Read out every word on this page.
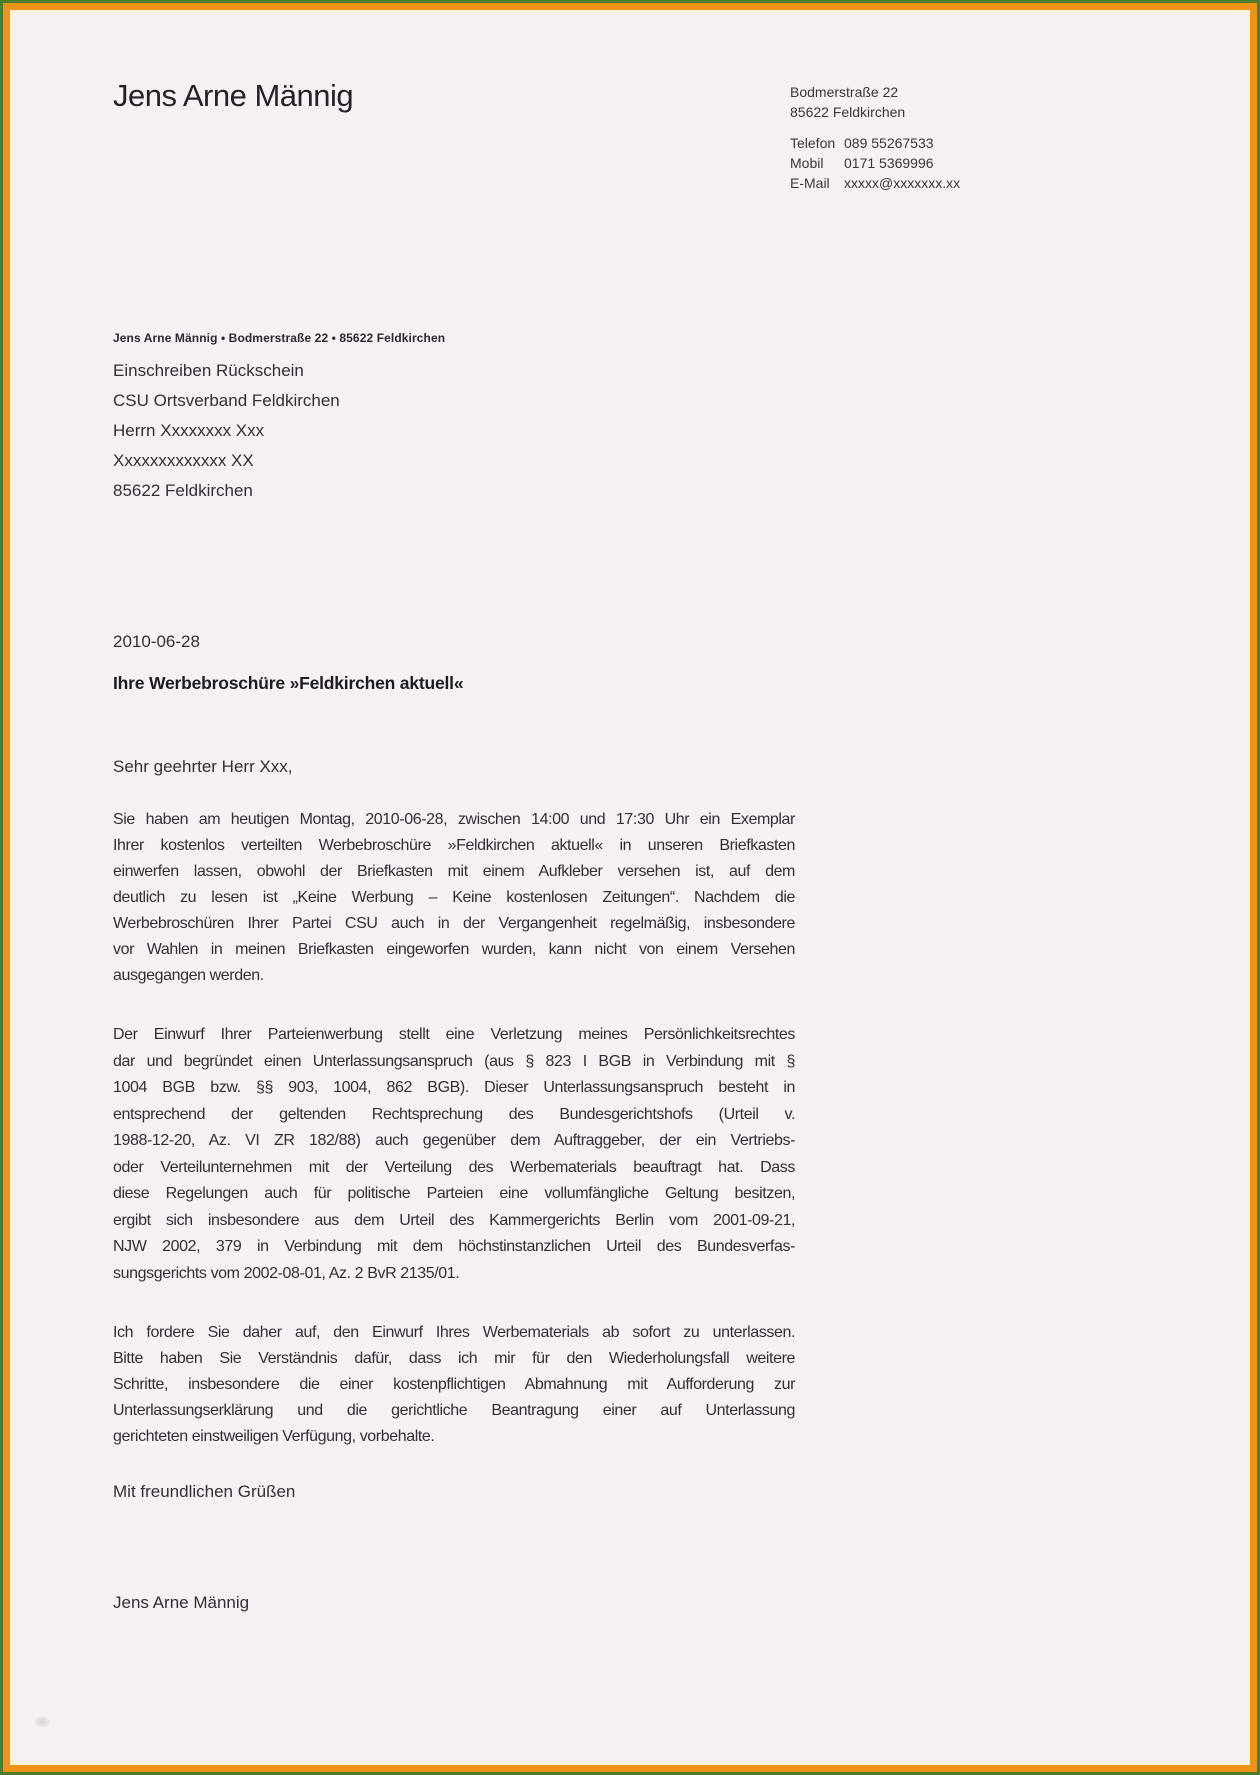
Jens Arne Männig	Bodmerstraße 22
85622 Feldkirchen
Telefon 089 55267533
Mobil	0171 5369996
E-Mail	xxxxx@xxxxxxx.xx
Jens Arne Männig • Bodmerstraße 22 • 85622 Feldkirchen
Einschreiben Rückschein
CSU Ortsverband Feldkirchen
Herrn Xxxxxxxx Xxx
Xxxxxxxxxxxxx XX
85622 Feldkirchen
2010-06-28
Ihre Werbebroschüre »Feldkirchen aktuell«
Sehr geehrter Herr Xxx,
Sie haben am heutigen Montag, 2010-06-28, zwischen 14:00 und 17:30 Uhr ein Exemplar
Ihrer kostenlos verteilten Werbebroschüre »Feldkirchen aktuell« in unseren Briefkasten
einwerfen lassen, obwohl der Briefkasten mit einem Aufkleber versehen ist, auf dem
deutlich zu lesen ist „Keine Werbung – Keine kostenlosen Zeitungen“. Nachdem die
Werbebroschüren Ihrer Partei CSU auch in der Vergangenheit regelmäßig, insbesondere
vor Wahlen in meinen Briefkasten eingeworfen wurden, kann nicht von einem Versehen
ausgegangen werden.
Der Einwurf Ihrer Parteienwerbung stellt eine Verletzung meines Persönlichkeitsrechtes
dar und begründet einen Unterlassungsanspruch (aus § 823 I BGB in Verbindung mit §
1004 BGB bzw. §§ 903, 1004, 862 BGB). Dieser Unterlassungsanspruch besteht in
entsprechend der geltenden Rechtsprechung des Bundesgerichtshofs (Urteil v.
1988-12-20, Az. VI ZR 182/88) auch gegenüber dem Auftraggeber, der ein Vertriebs-
oder Verteilunternehmen mit der Verteilung des Werbematerials beauftragt hat. Dass
diese Regelungen auch für politische Parteien eine vollumfängliche Geltung besitzen,
ergibt sich insbesondere aus dem Urteil des Kammergerichts Berlin vom 2001-09-21,
NJW 2002, 379 in Verbindung mit dem höchstinstanzlichen Urteil des Bundesverfas-
sungsgerichts vom 2002-08-01, Az. 2 BvR 2135/01.
Ich fordere Sie daher auf, den Einwurf Ihres Werbematerials ab sofort zu unterlassen.
Bitte haben Sie Verständnis dafür, dass ich mir für den Wiederholungsfall weitere
Schritte, insbesondere die einer kostenpflichtigen Abmahnung mit Aufforderung zur
Unterlassungserklärung und die gerichtliche Beantragung einer auf Unterlassung
gerichteten einstweiligen Verfügung, vorbehalte.
Mit freundlichen Grüßen
Jens Arne Männig
